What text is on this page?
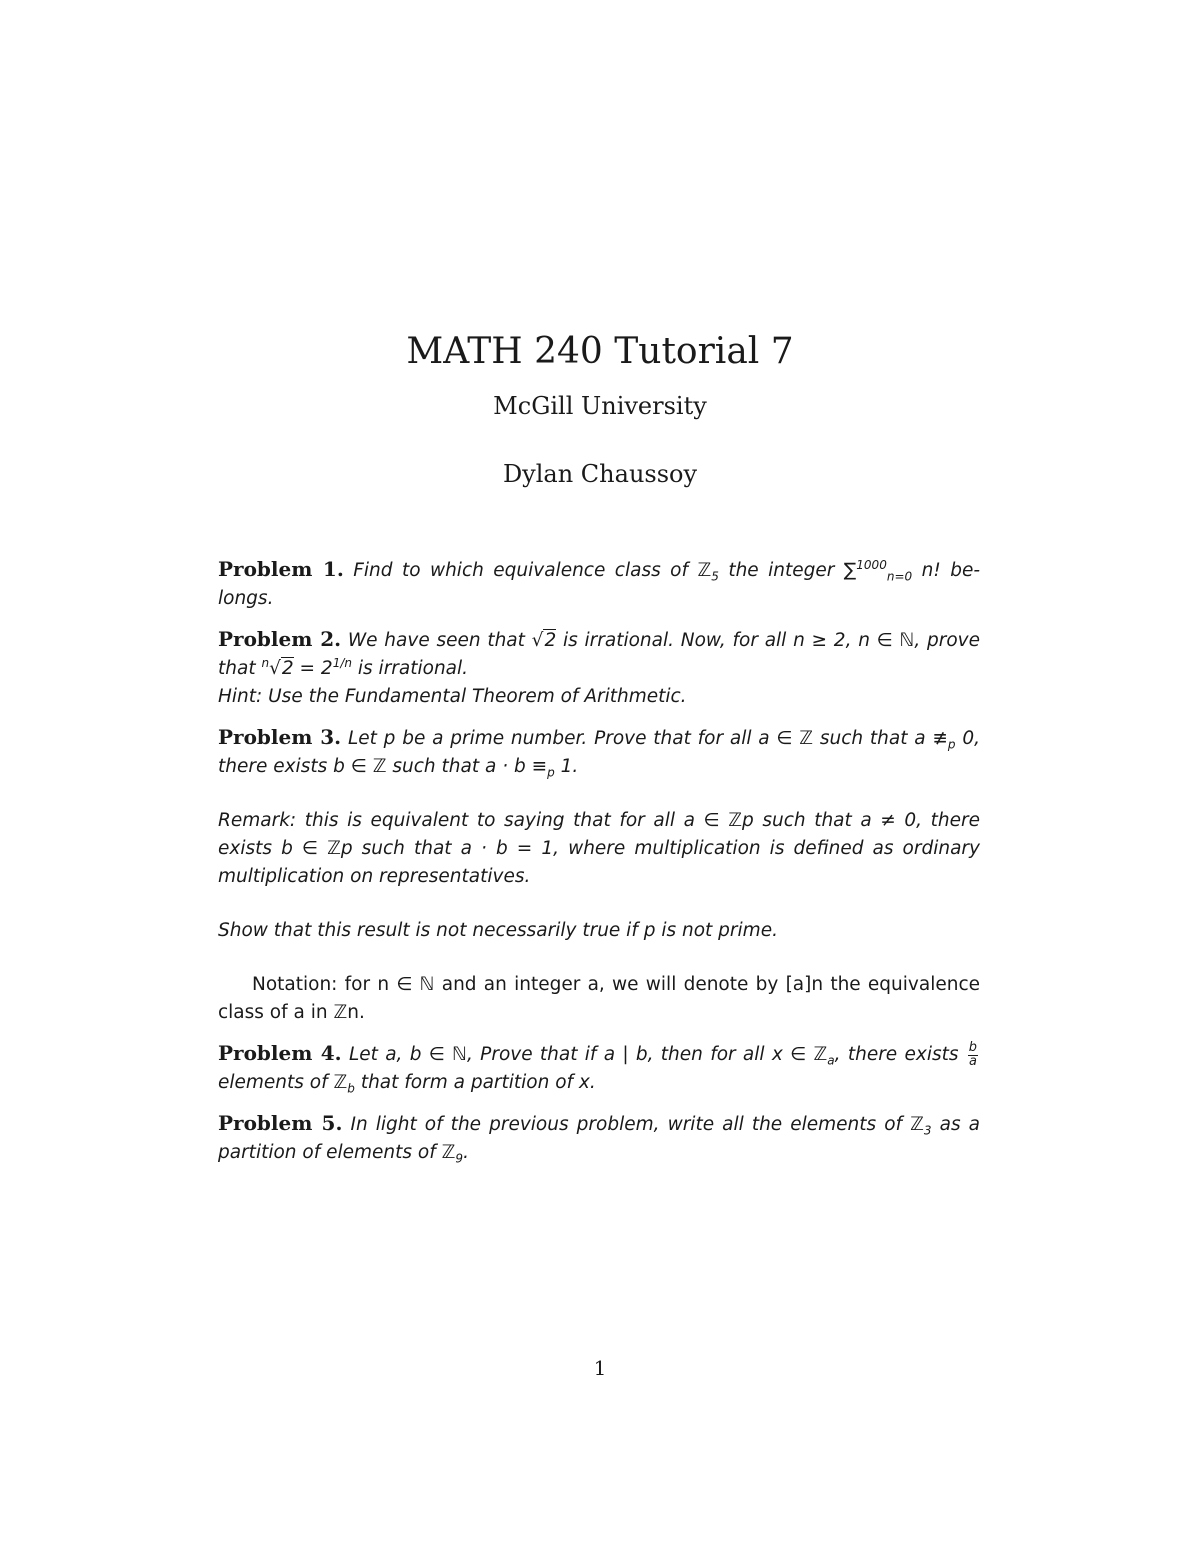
MATH 240 Tutorial 7
McGill University
Dylan Chaussoy

Problem 1. Find to which equivalence class of ℤ$_5$ the integer ∑$^{1000}_{n=0}$ n! be-longs.

Problem 2. We have seen that √2 is irrational. Now, for all n ≥ 2, n ∈ ℕ, prove that $^n√2 = 2^{1/n}$ is irrational.
Hint: Use the Fundamental Theorem of Arithmetic.

Problem 3. Let p be a prime number. Prove that for all a ∈ ℤ such that a $≢_p$ 0, there exists b ∈ ℤ such that $a \cdot b \equiv_p$ 1.

Remark: this is equivalent to saying that for all a ∈ ℤp such that a ≠ 0, there exists b ∈ ℤp such that a · b = 1, where multiplication is defined as ordinary multiplication on representatives.

Show that this result is not necessarily true if p is not prime.

Notation: for n ∈ ℕ and an integer a, we will denote by [a]n the equivalence class of a in ℤn.

Problem 4. Let a, b ∈ ℕ, Prove that if a | b, then for all x ∈ ℤ$_a$, there exists $\frac{b}{a}$
elements of ℤ$_b$ that form a partition of x.

Problem 5. In light of the previous problem, write all the elements of ℤ$_3$ as a partition of elements of ℤ$_9$.

1
